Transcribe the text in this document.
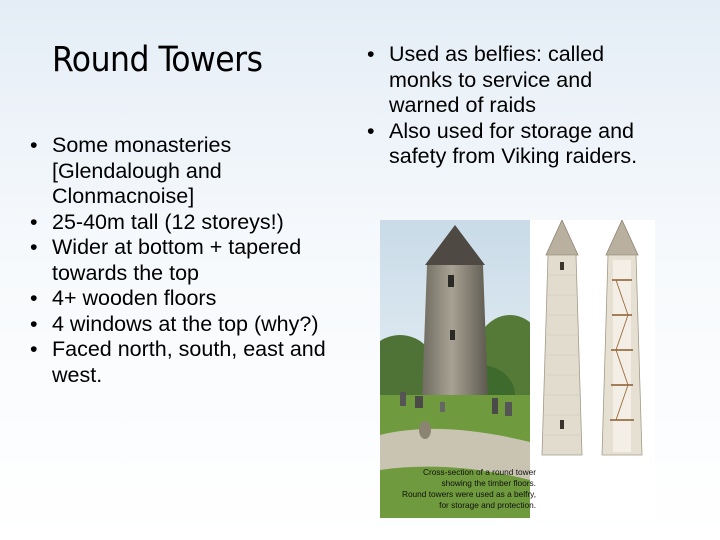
Round Towers
• Some monasteries [Glendalough and Clonmacnoise]
• 25-40m tall (12 storeys!)
• Wider at bottom + tapered towards the top
• 4+ wooden floors
• 4 windows at the top (why?)
• Faced north, south, east and west.
• Used as belfies: called monks to service and warned of raids
• Also used for storage and safety from Viking raiders.
Cross-section of a round tower
showing the timber floors.
Round towers were used as a belfry,
for storage and protection.
